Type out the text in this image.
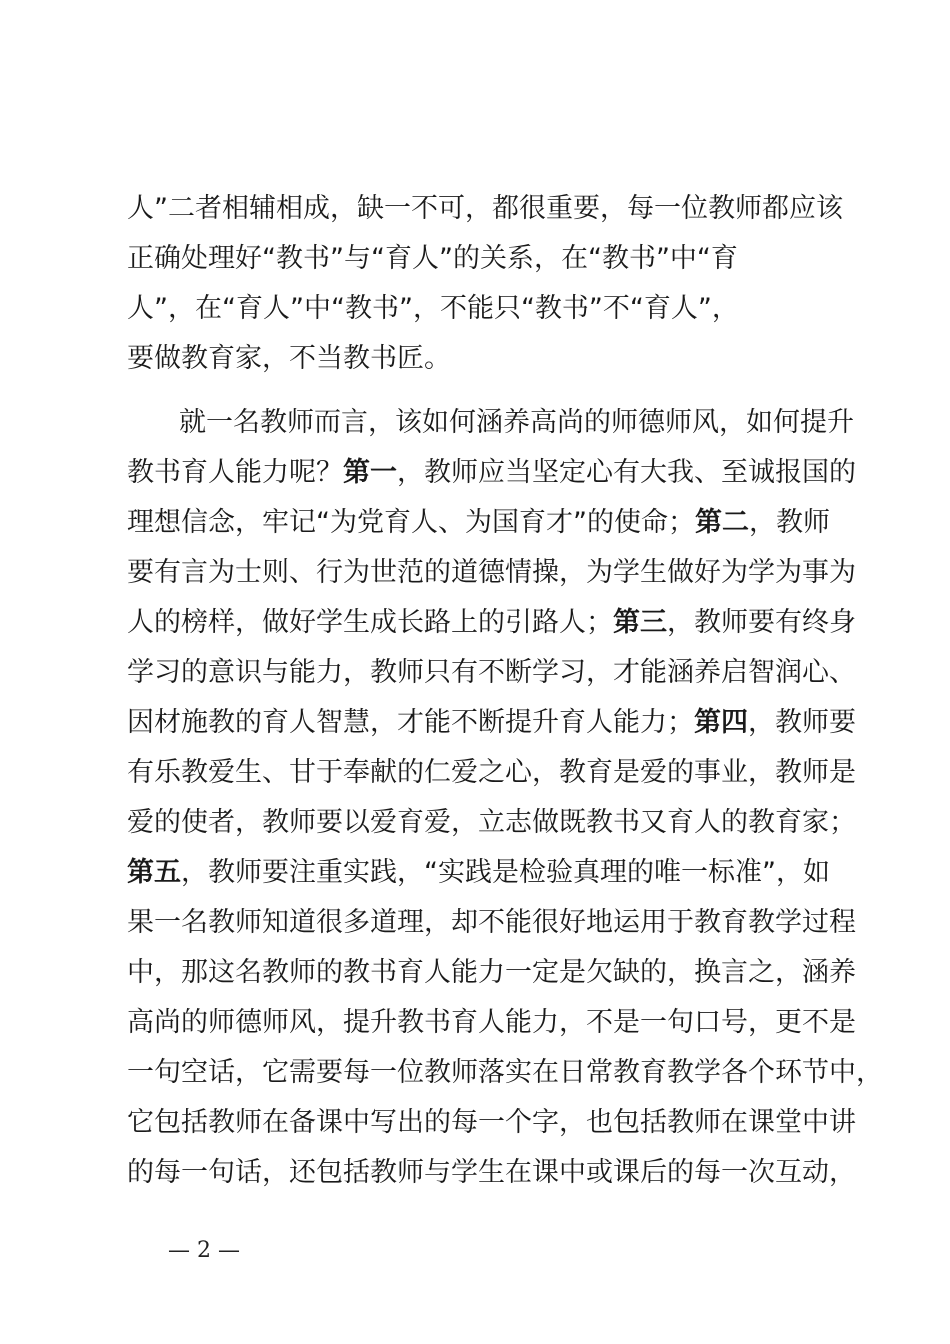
人”二者相辅相成，缺一不可，都很重要，每一位教师都应该
正确处理好“教书”与“育人”的关系，在“教书”中“育
人”，在“育人”中“教书”，不能只“教书”不“育人”，
要做教育家，不当教书匠。
就一名教师而言，该如何涵养高尚的师德师风，如何提升
教书育人能力呢？第一，教师应当坚定心有大我、至诚报国的
理想信念，牢记“为党育人、为国育才”的使命；第二，教师
要有言为士则、行为世范的道德情操，为学生做好为学为事为
人的榜样，做好学生成长路上的引路人；第三，教师要有终身
学习的意识与能力，教师只有不断学习，才能涵养启智润心、
因材施教的育人智慧，才能不断提升育人能力；第四，教师要
有乐教爱生、甘于奉献的仁爱之心，教育是爱的事业，教师是
爱的使者，教师要以爱育爱，立志做既教书又育人的教育家；
第五，教师要注重实践，“实践是检验真理的唯一标准”，如
果一名教师知道很多道理，却不能很好地运用于教育教学过程
中，那这名教师的教书育人能力一定是欠缺的，换言之，涵养
高尚的师德师风，提升教书育人能力，不是一句口号，更不是
一句空话，它需要每一位教师落实在日常教育教学各个环节中，
它包括教师在备课中写出的每一个字，也包括教师在课堂中讲
的每一句话，还包括教师与学生在课中或课后的每一次互动，
— 2 —
